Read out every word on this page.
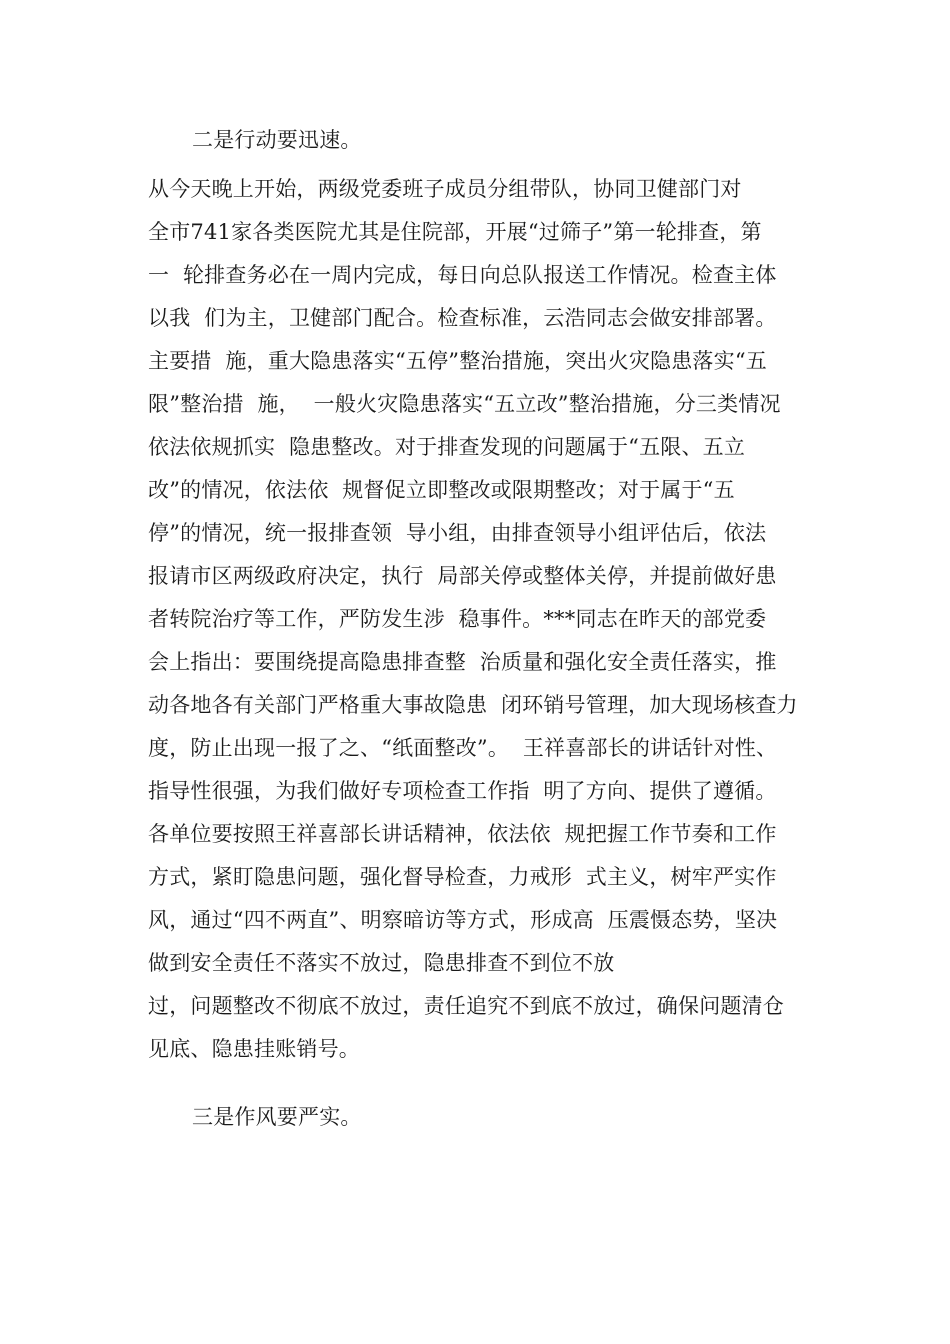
二是行动要迅速。
从今天晚上开始，两级党委班子成员分组带队，协同卫健部门对
全市741家各类医院尤其是住院部，开展“过筛子”第一轮排查，第
一  轮排查务必在一周内完成，每日向总队报送工作情况。检查主体
以我  们为主，卫健部门配合。检查标准，云浩同志会做安排部署。
主要措  施，重大隐患落实“五停”整治措施，突出火灾隐患落实“五
限”整治措  施，  一般火灾隐患落实“五立改”整治措施，分三类情况
依法依规抓实  隐患整改。对于排查发现的问题属于“五限、五立
改”的情况，依法依  规督促立即整改或限期整改；对于属于“五
停”的情况，统一报排查领  导小组，由排查领导小组评估后，依法
报请市区两级政府决定，执行  局部关停或整体关停，并提前做好患
者转院治疗等工作，严防发生涉  稳事件。***同志在昨天的部党委
会上指出：要围绕提高隐患排查整  治质量和强化安全责任落实，推
动各地各有关部门严格重大事故隐患  闭环销号管理，加大现场核查力
度，防止出现一报了之、“纸面整改”。  王祥喜部长的讲话针对性、
指导性很强，为我们做好专项检查工作指  明了方向、提供了遵循。
各单位要按照王祥喜部长讲话精神，依法依  规把握工作节奏和工作
方式，紧盯隐患问题，强化督导检查，力戒形  式主义，树牢严实作
风，通过“四不两直”、明察暗访等方式，形成高  压震慑态势，坚决
做到安全责任不落实不放过，隐患排查不到位不放
过，问题整改不彻底不放过，责任追究不到底不放过，确保问题清仓
见底、隐患挂账销号。
三是作风要严实。
